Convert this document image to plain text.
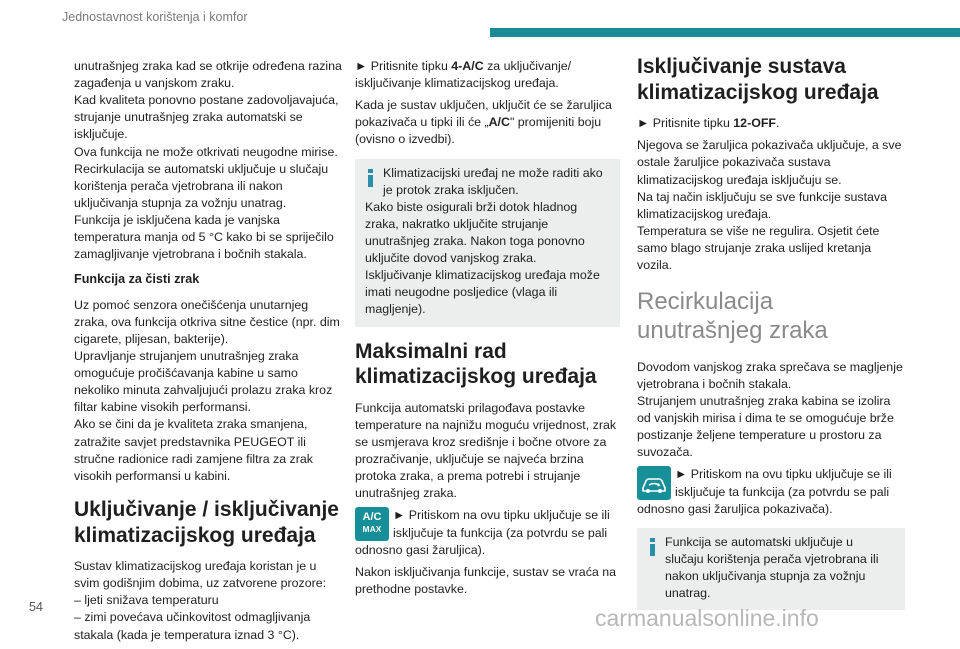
Jednostavnost korištenja i komfor

unutrašnjeg zraka kad se otkrije određena razina zagađenja u vanjskom zraku.
Kad kvaliteta ponovno postane zadovoljavajuća, strujanje unutrašnjeg zraka automatski se isključuje.
Ova funkcija ne može otkrivati neugodne mirise.
Recirkulacija se automatski uključuje u slučaju korištenja perača vjetrobrana ili nakon uključivanja stupnja za vožnju unatrag.
Funkcija je isključena kada je vanjska temperatura manja od 5 °C kako bi se spriječilo zamagljivanje vjetrobrana i bočnih stakala.

Funkcija za čisti zrak

Uz pomoć senzora onečišćenja unutarnjeg zraka, ova funkcija otkriva sitne čestice (npr. dim cigarete, plijesan, bakterije).
Upravljanje strujanjem unutrašnjeg zraka omogućuje pročišćavanja kabine u samo nekoliko minuta zahvaljujući prolazu zraka kroz filtar kabine visokih performansi.
Ako se čini da je kvaliteta zraka smanjena, zatražite savjet predstavnika PEUGEOT ili stručne radionice radi zamjene filtra za zrak visokih performansi u kabini.

Uključivanje / isključivanje klimatizacijskog uređaja

Sustav klimatizacijskog uređaja koristan je u svim godišnjim dobima, uz zatvorene prozore:
– ljeti snižava temperaturu
– zimi povećava učinkovitost odmagljivanja stakala (kada je temperatura iznad 3 °C).

► Pritisnite tipku 4-A/C za uključivanje/ isključivanje klimatizacijskog uređaja.

Kada je sustav uključen, uključit će se žaruljica pokazivača u tipki ili će „A/C" promijeniti boju (ovisno o izvedbi).

Klimatizacijski uređaj ne može raditi ako je protok zraka isključen.

Kako biste osigurali brži dotok hladnog zraka, nakratko uključite strujanje unutrašnjeg zraka. Nakon toga ponovno uključite dovod vanjskog zraka.
Isključivanje klimatizacijskog uređaja može imati neugodne posljedice (vlaga ili magljenje).

Maksimalni rad klimatizacijskog uređaja

Funkcija automatski prilagođava postavke temperature na najnižu moguću vrijednost, zrak se usmjerava kroz središnje i bočne otvore za prozračivanje, uključuje se najveća brzina protoka zraka, a prema potrebi i strujanje unutrašnjeg zraka.

A/C
MAX

► Pritiskom na ovu tipku uključuje se ili isključuje ta funkcija (za potvrdu se pali odnosno gasi žaruljica).

Nakon isključivanja funkcije, sustav se vraća na prethodne postavke.

Isključivanje sustava klimatizacijskog uređaja

► Pritisnite tipku 12-OFF.

Njegova se žaruljica pokazivača uključuje, a sve ostale žaruljice pokazivača sustava klimatizacijskog uređaja isključuju se.
Na taj način isključuju se sve funkcije sustava klimatizacijskog uređaja.
Temperatura se više ne regulira. Osjetit ćete samo blago strujanje zraka uslijed kretanja vozila.

Recirkulacija unutrašnjeg zraka

Dovodom vanjskog zraka sprečava se magljenje vjetrobrana i bočnih stakala.
Strujanjem unutrašnjeg zraka kabina se izolira od vanjskih mirisa i dima te se omogućuje brže postizanje željene temperature u prostoru za suvozača.

► Pritiskom na ovu tipku uključuje se ili isključuje ta funkcija (za potvrdu se pali odnosno gasi žaruljica pokazivača).

Funkcija se automatski uključuje u slučaju korištenja perača vjetrobrana ili nakon uključivanja stupnja za vožnju unatrag.

54	carmanualsonline.info
